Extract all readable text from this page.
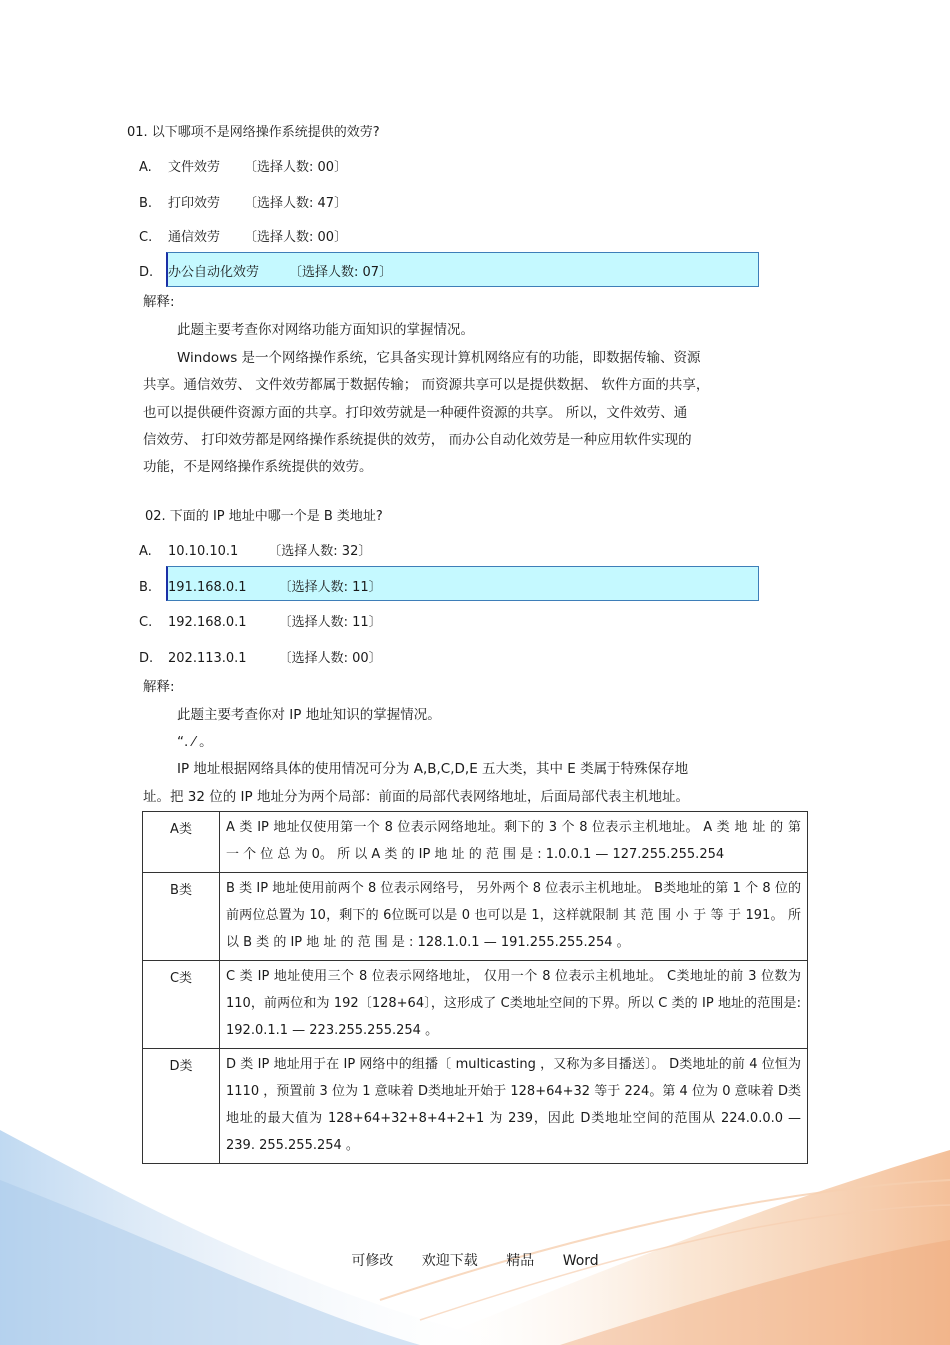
01. 以下哪项不是网络操作系统提供的效劳?
A. 文件效劳 〔选择人数: 00〕
B. 打印效劳 〔选择人数: 47〕
C. 通信效劳 〔选择人数: 00〕
D. 办公自动化效劳 〔选择人数: 07〕
解释:
此题主要考查你对网络功能方面知识的掌握情况。
Windows 是一个网络操作系统，它具备实现计算机网络应有的功能，即数据传输、资源
共享。通信效劳、 文件效劳都属于数据传输； 而资源共享可以是提供数据、 软件方面的共享，
也可以提供硬件资源方面的共享。打印效劳就是一种硬件资源的共享。 所以，文件效劳、通
信效劳、 打印效劳都是网络操作系统提供的效劳， 而办公自动化效劳是一种应用软件实现的
功能，不是网络操作系统提供的效劳。
02. 下面的 IP 地址中哪一个是 B 类地址?
A. 10.10.10.1 〔选择人数: 32〕
B. 191.168.0.1 〔选择人数: 11〕
C. 192.168.0.1 〔选择人数: 11〕
D. 202.113.0.1 〔选择人数: 00〕
解释:
此题主要考查你对 IP 地址知识的掌握情况。
“. ⁄ 。
IP 地址根据网络具体的使用情况可分为 A,B,C,D,E 五大类，其中 E 类属于特殊保存地
址。把 32 位的 IP 地址分为两个局部：前面的局部代表网络地址，后面局部代表主机地址。
A类	A 类 IP 地址仅使用第一个 8 位表示网络地址。剩下的 3 个 8 位表示主机地址。 A 类 地 址 的 第 一 个 位 总 为 0。 所 以 A 类 的 IP 地 址 的 范 围 是 : 1.0.0.1 — 127.255.255.254
B类	B 类 IP 地址使用前两个 8 位表示网络号， 另外两个 8 位表示主机地址。 B类地址的第 1 个 8 位的前两位总置为 10，剩下的 6位既可以是 0 也可以是 1，这样就限制 其 范 围 小 于 等 于 191。 所 以 B 类 的 IP 地 址 的 范 围 是 : 128.1.0.1 — 191.255.255.254 。
C类	C 类 IP 地址使用三个 8 位表示网络地址， 仅用一个 8 位表示主机地址。 C类地址的前 3 位数为 110，前两位和为 192〔128+64〕，这形成了 C类地址空间的下界。所以 C 类的 IP 地址的范围是: 192.0.1.1 — 223.255.255.254 。
D类	D 类 IP 地址用于在 IP 网络中的组播〔 multicasting ，又称为多目播送〕。 D类地址的前 4 位恒为 1110 ，预置前 3 位为 1 意味着 D类地址开始于 128+64+32 等于 224。第 4 位为 0 意味着 D类地址的最大值为 128+64+32+8+4+2+1 为 239，因此 D类地址空间的范围从 224.0.0.0 — 239. 255.255.254 。
可修改 欢迎下载 精品 Word
